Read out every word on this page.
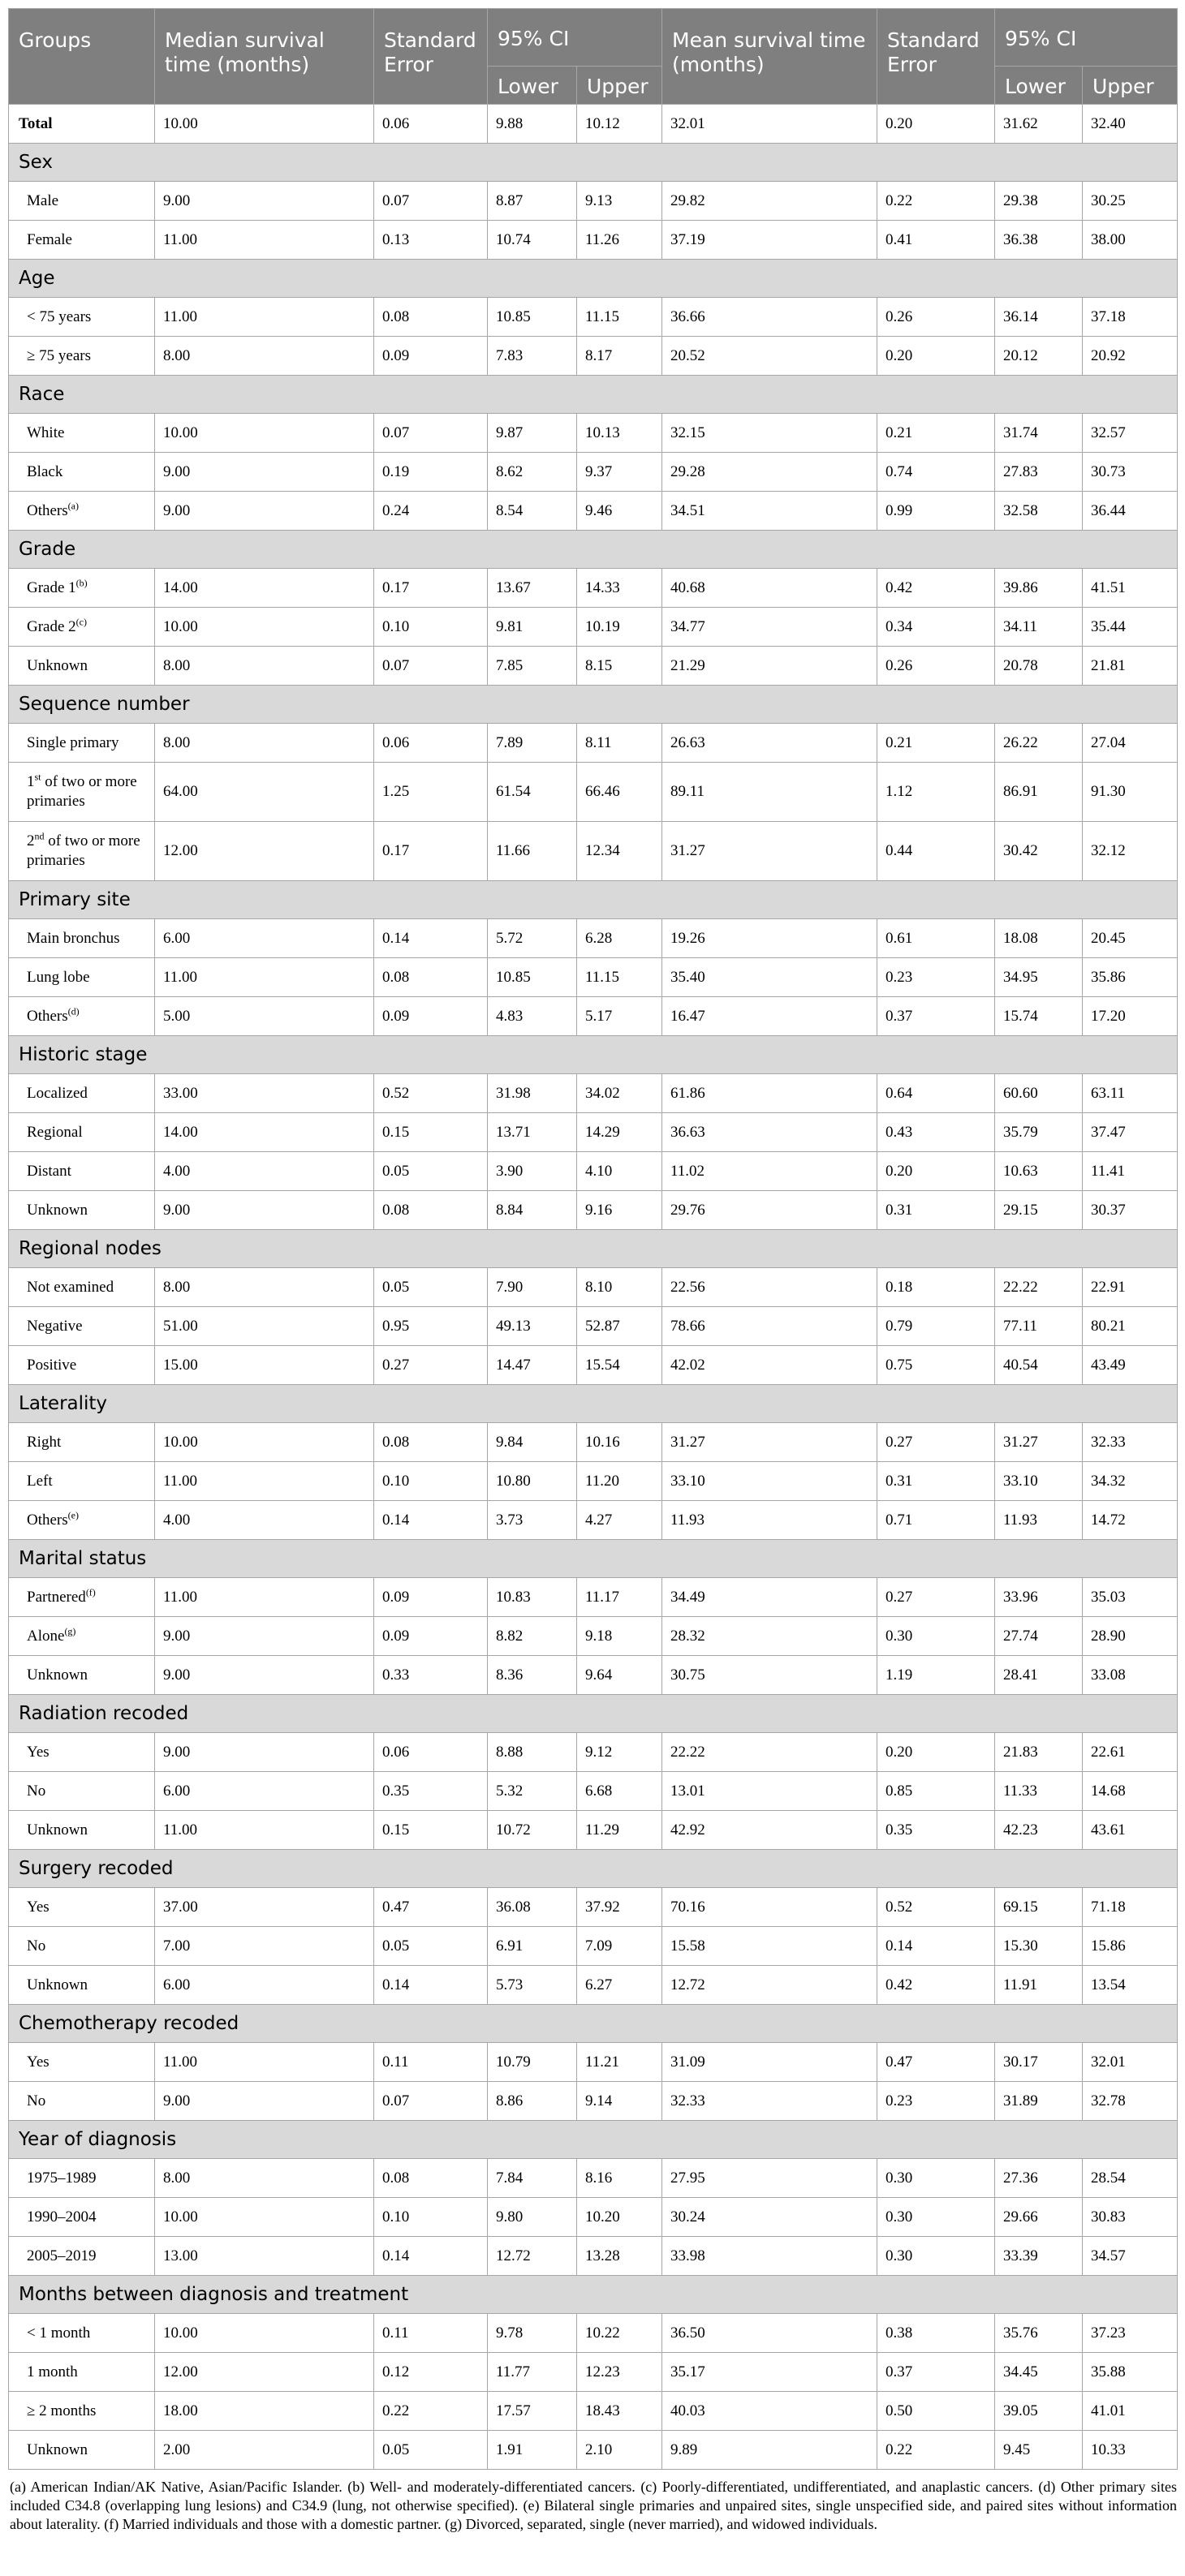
Groups	Median survival time (months)	Standard Error	95% CI		Mean survival time (months)	Standard Error	95% CI	
			Lower	Upper			Lower	Upper
Total	10.00	0.06	9.88	10.12	32.01	0.20	31.62	32.40
Sex								
Male	9.00	0.07	8.87	9.13	29.82	0.22	29.38	30.25
Female	11.00	0.13	10.74	11.26	37.19	0.41	36.38	38.00
Age								
< 75 years	11.00	0.08	10.85	11.15	36.66	0.26	36.14	37.18
≥ 75 years	8.00	0.09	7.83	8.17	20.52	0.20	20.12	20.92
Race								
White	10.00	0.07	9.87	10.13	32.15	0.21	31.74	32.57
Black	9.00	0.19	8.62	9.37	29.28	0.74	27.83	30.73
Others$^{(a)}$	9.00	0.24	8.54	9.46	34.51	0.99	32.58	36.44
Grade								
Grade 1$^{(b)}$	14.00	0.17	13.67	14.33	40.68	0.42	39.86	41.51
Grade 2$^{(c)}$	10.00	0.10	9.81	10.19	34.77	0.34	34.11	35.44
Unknown	8.00	0.07	7.85	8.15	21.29	0.26	20.78	21.81
Sequence number								
Single primary	8.00	0.06	7.89	8.11	26.63	0.21	26.22	27.04
1st of two or more primaries	64.00	1.25	61.54	66.46	89.11	1.12	86.91	91.30
2nd of two or more primaries	12.00	0.17	11.66	12.34	31.27	0.44	30.42	32.12
Primary site								
Main bronchus	6.00	0.14	5.72	6.28	19.26	0.61	18.08	20.45
Lung lobe	11.00	0.08	10.85	11.15	35.40	0.23	34.95	35.86
Others$^{(d)}$	5.00	0.09	4.83	5.17	16.47	0.37	15.74	17.20
Historic stage								
Localized	33.00	0.52	31.98	34.02	61.86	0.64	60.60	63.11
Regional	14.00	0.15	13.71	14.29	36.63	0.43	35.79	37.47
Distant	4.00	0.05	3.90	4.10	11.02	0.20	10.63	11.41
Unknown	9.00	0.08	8.84	9.16	29.76	0.31	29.15	30.37
Regional nodes								
Not examined	8.00	0.05	7.90	8.10	22.56	0.18	22.22	22.91
Negative	51.00	0.95	49.13	52.87	78.66	0.79	77.11	80.21
Positive	15.00	0.27	14.47	15.54	42.02	0.75	40.54	43.49
Laterality								
Right	10.00	0.08	9.84	10.16	31.27	0.27	31.27	32.33
Left	11.00	0.10	10.80	11.20	33.10	0.31	33.10	34.32
Others$^{(e)}$	4.00	0.14	3.73	4.27	11.93	0.71	11.93	14.72
Marital status								
Partnered$^{(f)}$	11.00	0.09	10.83	11.17	34.49	0.27	33.96	35.03
Alone$^{(g)}$	9.00	0.09	8.82	9.18	28.32	0.30	27.74	28.90
Unknown	9.00	0.33	8.36	9.64	30.75	1.19	28.41	33.08
Radiation recoded								
Yes	9.00	0.06	8.88	9.12	22.22	0.20	21.83	22.61
No	6.00	0.35	5.32	6.68	13.01	0.85	11.33	14.68
Unknown	11.00	0.15	10.72	11.29	42.92	0.35	42.23	43.61
Surgery recoded								
Yes	37.00	0.47	36.08	37.92	70.16	0.52	69.15	71.18
No	7.00	0.05	6.91	7.09	15.58	0.14	15.30	15.86
Unknown	6.00	0.14	5.73	6.27	12.72	0.42	11.91	13.54
Chemotherapy recoded								
Yes	11.00	0.11	10.79	11.21	31.09	0.47	30.17	32.01
No	9.00	0.07	8.86	9.14	32.33	0.23	31.89	32.78
Year of diagnosis								
1975–1989	8.00	0.08	7.84	8.16	27.95	0.30	27.36	28.54
1990–2004	10.00	0.10	9.80	10.20	30.24	0.30	29.66	30.83
2005–2019	13.00	0.14	12.72	13.28	33.98	0.30	33.39	34.57
Months between diagnosis and treatment								
< 1 month	10.00	0.11	9.78	10.22	36.50	0.38	35.76	37.23
1 month	12.00	0.12	11.77	12.23	35.17	0.37	34.45	35.88
≥ 2 months	18.00	0.22	17.57	18.43	40.03	0.50	39.05	41.01
Unknown	2.00	0.05	1.91	2.10	9.89	0.22	9.45	10.33
(a) American Indian/AK Native, Asian/Pacific Islander. (b) Well- and moderately-differentiated cancers. (c) Poorly-differentiated, undifferentiated, and anaplastic cancers. (d) Other primary sites included C34.8 (overlapping lung lesions) and C34.9 (lung, not otherwise specified). (e) Bilateral single primaries and unpaired sites, single unspecified side, and paired sites without information about laterality. (f) Married individuals and those with a domestic partner. (g) Divorced, separated, single (never married), and widowed individuals.
